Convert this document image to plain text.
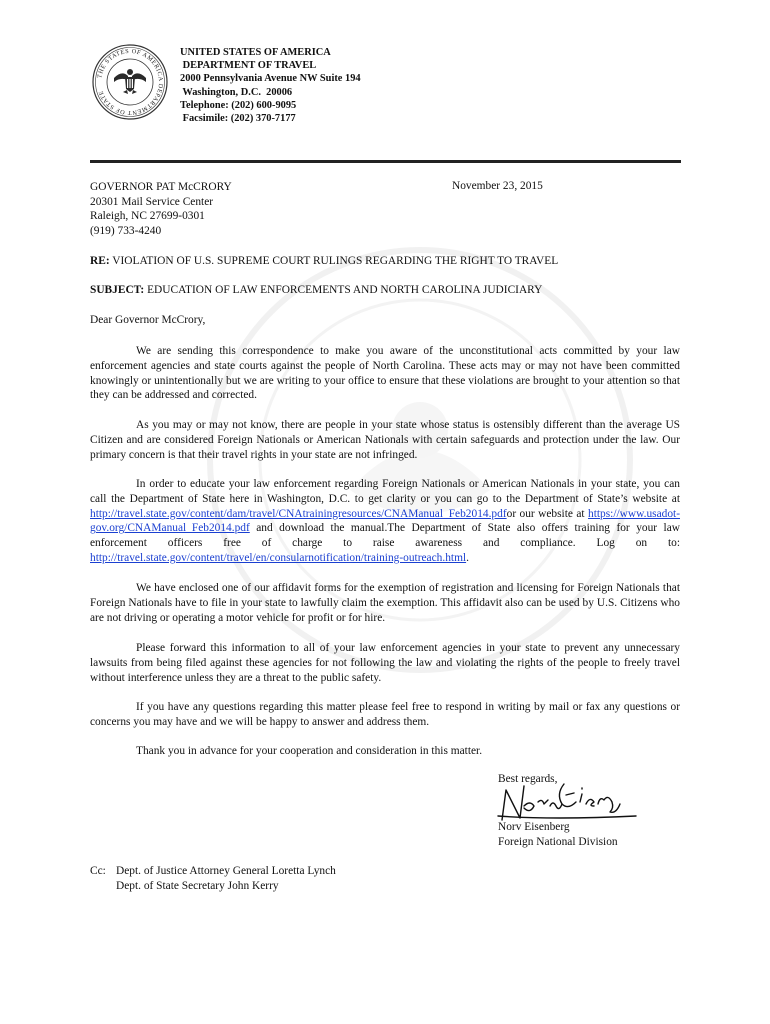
THE STATES OF AMERICA DEPARTMENT OF STATE
UNITED STATES OF AMERICA
DEPARTMENT OF TRAVEL
2000 Pennsylvania Avenue NW Suite 194
Washington, D.C.  20006
Telephone: (202) 600-9095
Facsimile: (202) 370-7177
GOVERNOR PAT McCRORY
20301 Mail Service Center
Raleigh, NC 27699-0301
(919) 733-4240
November 23, 2015
RE: VIOLATION OF U.S. SUPREME COURT RULINGS REGARDING THE RIGHT TO TRAVEL
SUBJECT: EDUCATION OF LAW ENFORCEMENTS AND NORTH CAROLINA JUDICIARY
Dear Governor McCrory,
We are sending this correspondence to make you aware of the unconstitutional acts committed by your law enforcement agencies and state courts against the people of North Carolina. These acts may or may not have been committed knowingly or unintentionally but we are writing to your office to ensure that these violations are brought to your attention so that they can be addressed and corrected.
As you may or may not know, there are people in your state whose status is ostensibly different than the average US Citizen and are considered Foreign Nationals or American Nationals with certain safeguards and protection under the law. Our primary concern is that their travel rights in your state are not infringed.
In order to educate your law enforcement regarding Foreign Nationals or American Nationals in your state, you can call the Department of State here in Washington, D.C. to get clarity or you can go to the Department of State’s website at http://travel.state.gov/content/dam/travel/CNAtrainingresources/CNAManual_Feb2014.pdfor our website at https://www.usadot-gov.org/CNAManual_Feb2014.pdf and download the manual.The Department of State also offers training for your law enforcement officers free of charge to raise awareness and compliance. Log on to: http://travel.state.gov/content/travel/en/consularnotification/training-outreach.html.
We have enclosed one of our affidavit forms for the exemption of registration and licensing for Foreign Nationals that Foreign Nationals have to file in your state to lawfully claim the exemption. This affidavit also can be used by U.S. Citizens who are not driving or operating a motor vehicle for profit or for hire.
Please forward this information to all of your law enforcement agencies in your state to prevent any unnecessary lawsuits from being filed against these agencies for not following the law and violating the rights of the people to freely travel without interference unless they are a threat to the public safety.
If you have any questions regarding this matter please feel free to respond in writing by mail or fax any questions or concerns you may have and we will be happy to answer and address them.
Thank you in advance for your cooperation and consideration in this matter.
Best regards,
Norv Eisenberg
Foreign National Division
Cc: Dept. of Justice Attorney General Loretta Lynch
Dept. of State Secretary John Kerry
